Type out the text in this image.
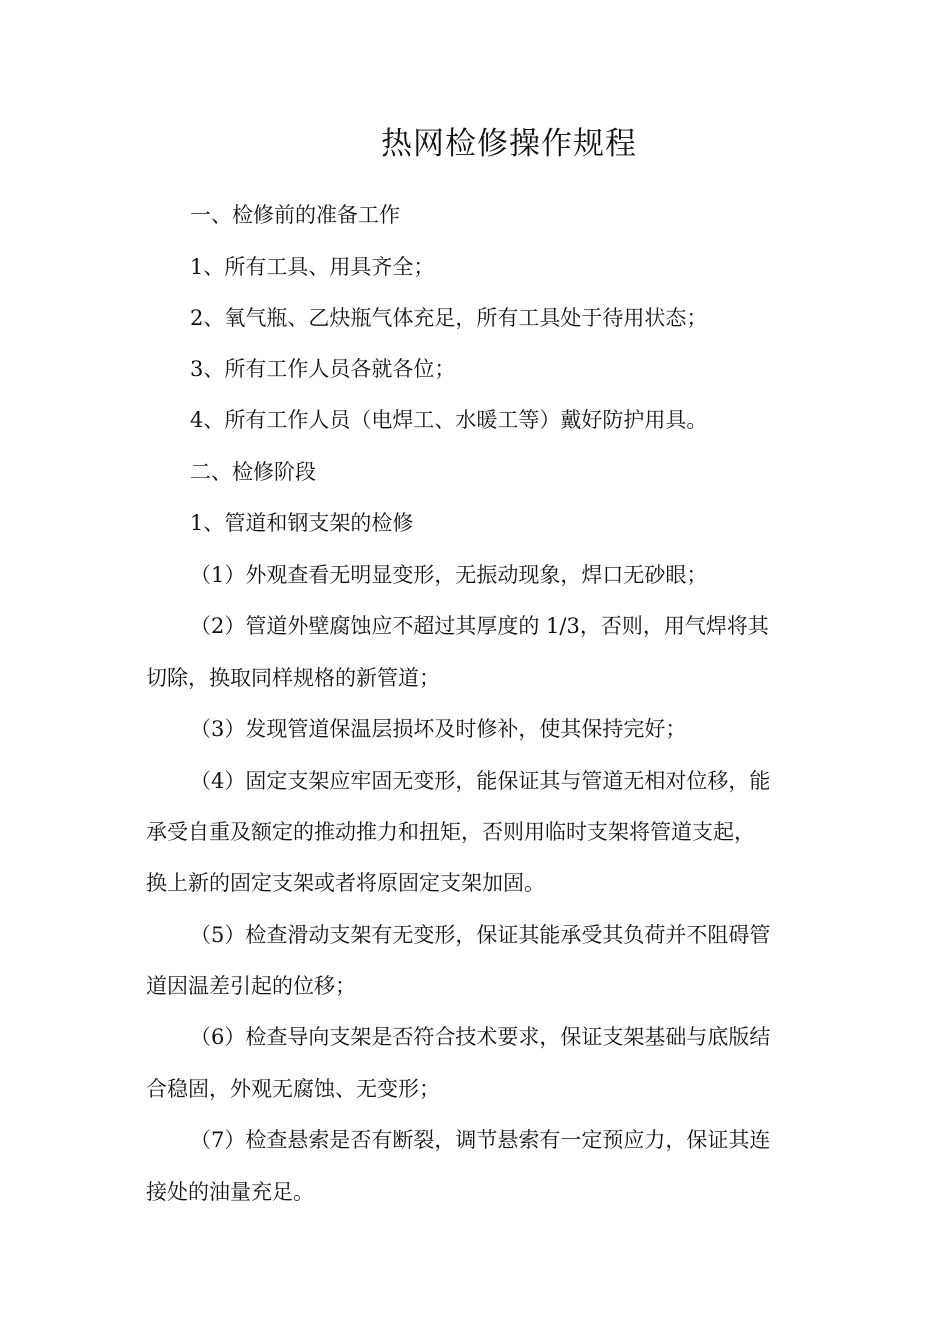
热网检修操作规程

一、检修前的准备工作

1、所有工具、用具齐全；

2、氧气瓶、乙炔瓶气体充足，所有工具处于待用状态；

3、所有工作人员各就各位；

4、所有工作人员（电焊工、水暖工等）戴好防护用具。

二、检修阶段

1、管道和钢支架的检修

（1）外观查看无明显变形，无振动现象，焊口无砂眼；

（2）管道外壁腐蚀应不超过其厚度的 1/3，否则，用气焊将其

切除，换取同样规格的新管道；

（3）发现管道保温层损坏及时修补，使其保持完好；

（4）固定支架应牢固无变形，能保证其与管道无相对位移，能

承受自重及额定的推动推力和扭矩，否则用临时支架将管道支起，

换上新的固定支架或者将原固定支架加固。

（5）检查滑动支架有无变形，保证其能承受其负荷并不阻碍管

道因温差引起的位移；

（6）检查导向支架是否符合技术要求，保证支架基础与底版结

合稳固，外观无腐蚀、无变形；

（7）检查悬索是否有断裂，调节悬索有一定预应力，保证其连

接处的油量充足。
